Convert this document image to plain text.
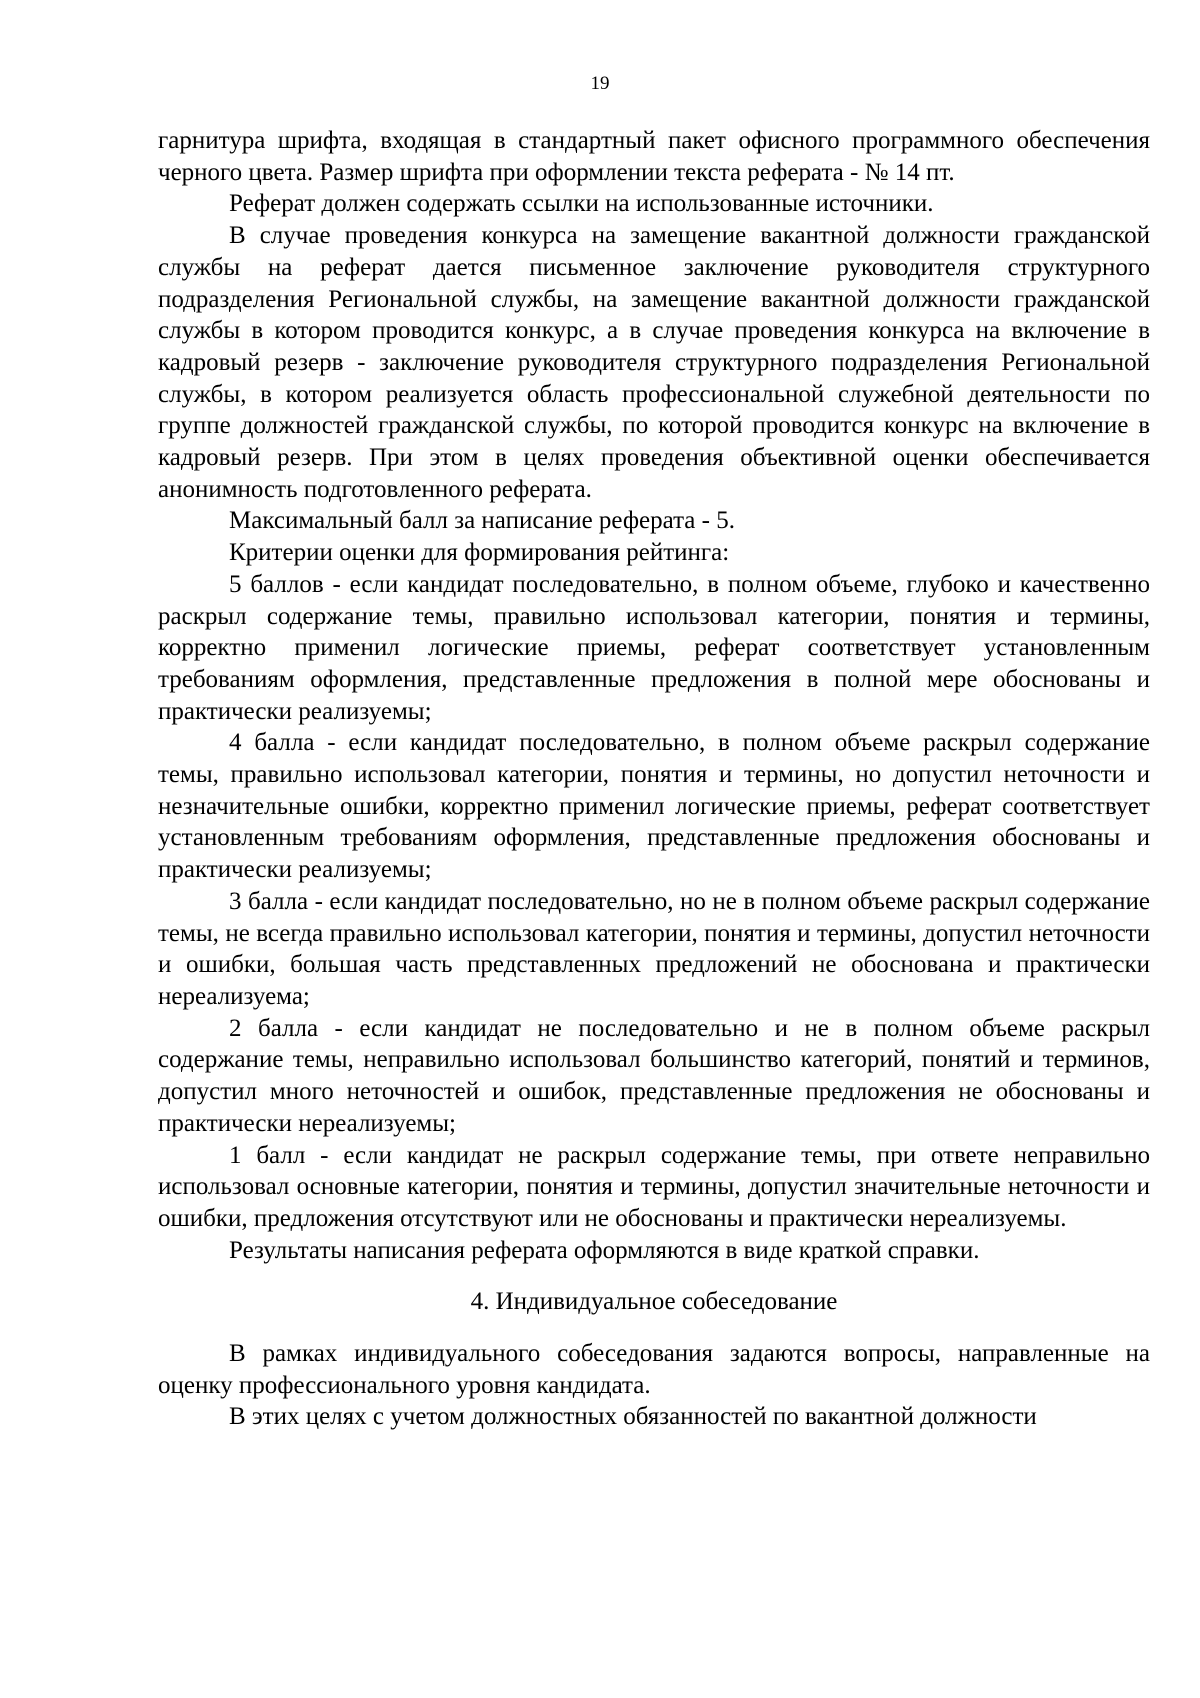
19

гарнитура шрифта, входящая в стандартный пакет офисного программного обеспечения черного цвета. Размер шрифта при оформлении текста реферата - № 14 пт.

Реферат должен содержать ссылки на использованные источники.

В случае проведения конкурса на замещение вакантной должности гражданской службы на реферат дается письменное заключение руководителя структурного подразделения Региональной службы, на замещение вакантной должности гражданской службы в котором проводится конкурс, а в случае проведения конкурса на включение в кадровый резерв - заключение руководителя структурного подразделения Региональной службы, в котором реализуется область профессиональной служебной деятельности по группе должностей гражданской службы, по которой проводится конкурс на включение в кадровый резерв. При этом в целях проведения объективной оценки обеспечивается анонимность подготовленного реферата.

Максимальный балл за написание реферата - 5.

Критерии оценки для формирования рейтинга:

5 баллов - если кандидат последовательно, в полном объеме, глубоко и качественно раскрыл содержание темы, правильно использовал категории, понятия и термины, корректно применил логические приемы, реферат соответствует установленным требованиям оформления, представленные предложения в полной мере обоснованы и практически реализуемы;

4 балла - если кандидат последовательно, в полном объеме раскрыл содержание темы, правильно использовал категории, понятия и термины, но допустил неточности и незначительные ошибки, корректно применил логические приемы, реферат соответствует установленным требованиям оформления, представленные предложения обоснованы и практически реализуемы;

3 балла - если кандидат последовательно, но не в полном объеме раскрыл содержание темы, не всегда правильно использовал категории, понятия и термины, допустил неточности и ошибки, большая часть представленных предложений не обоснована и практически нереализуема;

2 балла - если кандидат не последовательно и не в полном объеме раскрыл содержание темы, неправильно использовал большинство категорий, понятий и терминов, допустил много неточностей и ошибок, представленные предложения не обоснованы и практически нереализуемы;

1 балл - если кандидат не раскрыл содержание темы, при ответе неправильно использовал основные категории, понятия и термины, допустил значительные неточности и ошибки, предложения отсутствуют или не обоснованы и практически нереализуемы.

Результаты написания реферата оформляются в виде краткой справки.

4. Индивидуальное собеседование

В рамках индивидуального собеседования задаются вопросы, направленные на оценку профессионального уровня кандидата.

В этих целях с учетом должностных обязанностей по вакантной должности
